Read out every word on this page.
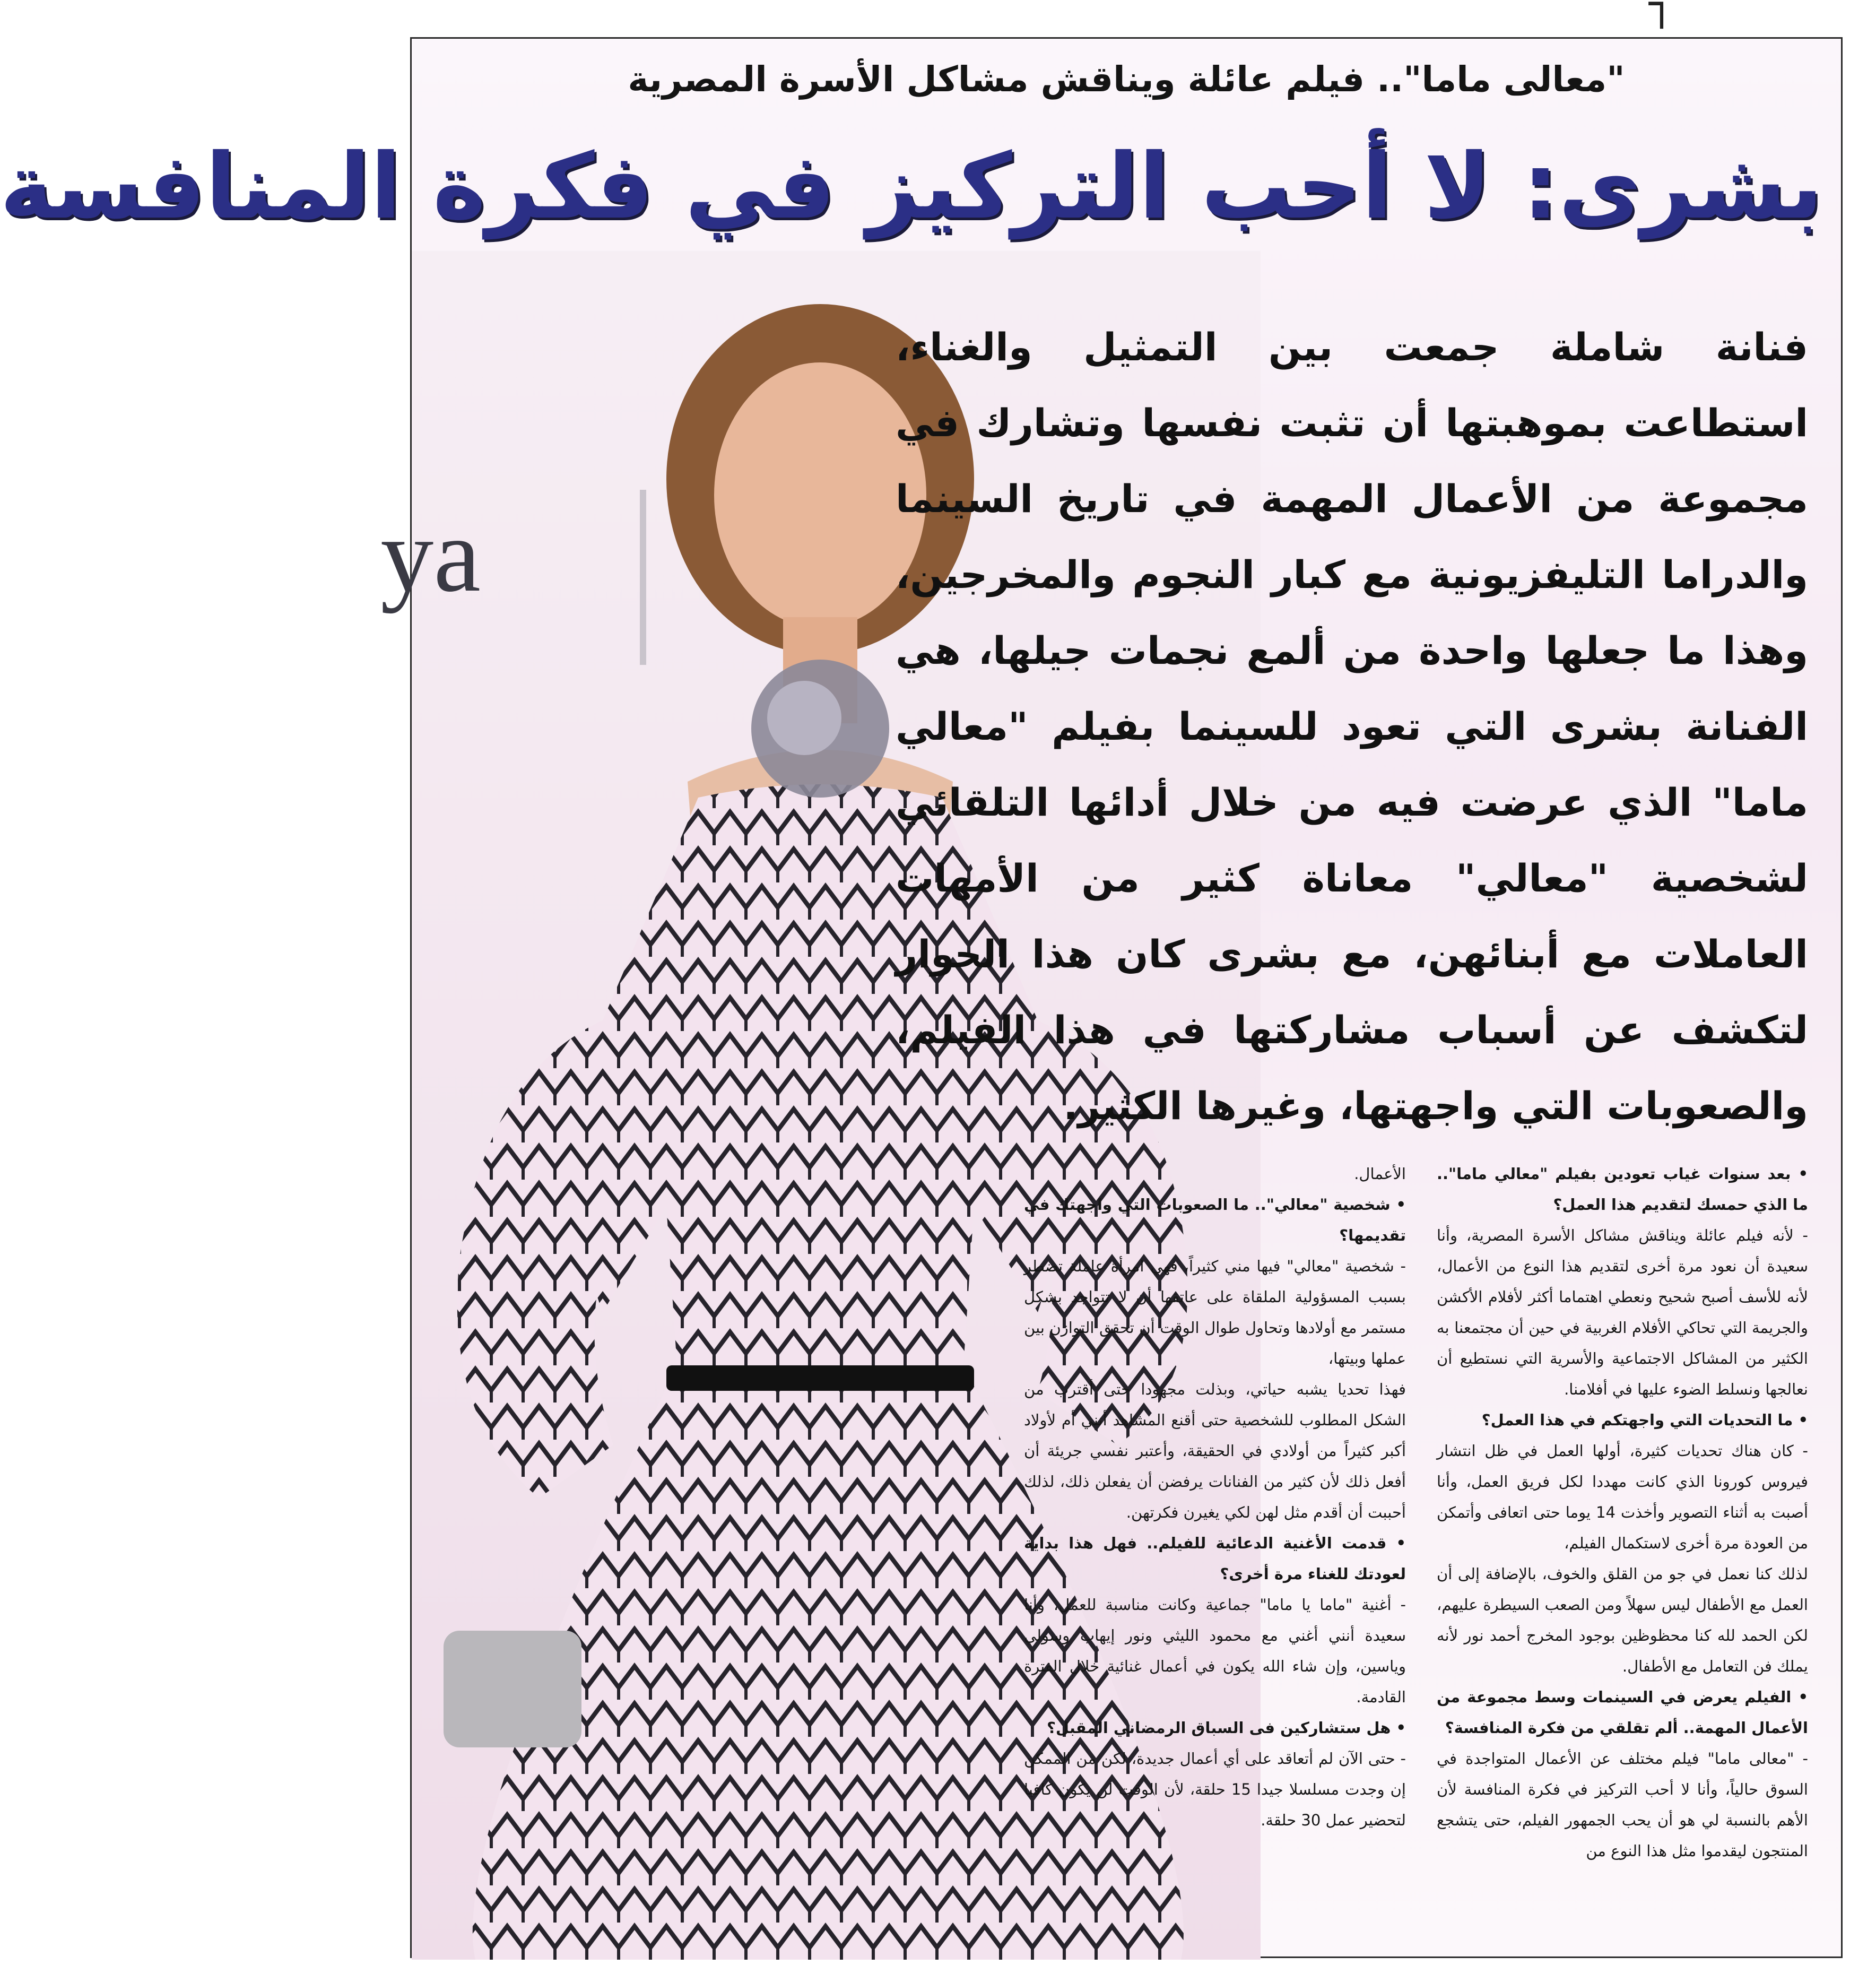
┐
"معالى ماما".. فيلم عائلة ويناقش مشاكل الأسرة المصرية
بشرى: لا أحب التركيز في فكرة المنافسة
ya
فنانة شاملة جمعت بين التمثيل والغناء، استطاعت بموهبتها أن تثبت نفسها وتشارك في مجموعة من الأعمال المهمة في تاريخ السينما والدراما التليفزيونية مع كبار النجوم والمخرجين، وهذا ما جعلها واحدة من ألمع نجمات جيلها، هي الفنانة بشرى التي تعود للسينما بفيلم "معالي ماما" الذي عرضت فيه من خلال أدائها التلقائي لشخصية "معالي" معاناة كثير من الأمهات العاملات مع أبنائهن، مع بشرى كان هذا الحوار لتكشف عن أسباب مشاركتها في هذا الفيلم، والصعوبات التي واجهتها، وغيرها الكثير.

• بعد سنوات غياب تعودين بفيلم "معالي ماما".. ما الذي حمسك لتقديم هذا العمل؟

- لأنه فيلم عائلة ويناقش مشاكل الأسرة المصرية، وأنا سعيدة أن نعود مرة أخرى لتقديم هذا النوع من الأعمال، لأنه للأسف أصبح شحيح ونعطي اهتماما أكثر لأفلام الأكشن والجريمة التي تحاكي الأفلام الغربية في حين أن مجتمعنا به الكثير من المشاكل الاجتماعية والأسرية التي نستطيع أن نعالجها ونسلط الضوء عليها في أفلامنا.

• ما التحديات التي واجهتكم في هذا العمل؟

- كان هناك تحديات كثيرة، أولها العمل في ظل انتشار فيروس كورونا الذي كانت مهددا لكل فريق العمل، وأنا أصبت به أثناء التصوير وأخذت 14 يوما حتى اتعافى وأتمكن من العودة مرة أخرى لاستكمال الفيلم،

لذلك كنا نعمل في جو من القلق والخوف، بالإضافة إلى أن العمل مع الأطفال ليس سهلاً ومن الصعب السيطرة عليهم، لكن الحمد لله كنا محظوظين بوجود المخرج أحمد نور لأنه يملك فن التعامل مع الأطفال.

• الفيلم يعرض في السينمات وسط مجموعة من الأعمال المهمة.. ألم تقلقي من فكرة المنافسة؟

- "معالى ماما" فيلم مختلف عن الأعمال المتواجدة في السوق حالياً، وأنا لا أحب التركيز في فكرة المنافسة لأن الأهم بالنسبة لي هو أن يحب الجمهور الفيلم، حتى يتشجع المنتجون ليقدموا مثل هذا النوع من

الأعمال.

• شخصية "معالي".. ما الصعوبات التي واجهتك في تقديمها؟

- شخصية "معالي" فيها مني كثيراً، فهي امرأة عاملة تضطر بسبب المسؤولية الملقاة على عاتقها أن لا تتواجد بشكل مستمر مع أولادها وتحاول طوال الوقت أن تحقق التوازن بين عملها وبيتها،

فهذا تحديا يشبه حياتي، وبذلت مجهودا حتى أقترب من الشكل المطلوب للشخصية حتى أقنع المشاهد أنني أم لأولاد أكبر كثيراً من أولادي في الحقيقة، وأعتبر نفسي جريئة أن أفعل ذلك لأن كثير من الفنانات يرفضن أن يفعلن ذلك، لذلك أحببت أن أقدم مثل لهن لكي يغيرن فكرتهن.

• قدمت الأغنية الدعائية للفيلم.. فهل هذا بداية لعودتك للغناء مرة أخرى؟

- أغنية "ماما يا ماما" جماعية وكانت مناسبة للعمل، وأنا سعيدة أنني أغني مع محمود الليثي ونور إيهاب وسولي وياسين، وإن شاء الله يكون في أعمال غنائية خلال الفترة القادمة.

• هل ستشاركين فى السباق الرمضاني المقبل؟

- حتى الآن لم أتعاقد على أي أعمال جديدة، لكن من الممكن إن وجدت مسلسلا جيدا 15 حلقة، لأن الوقت لن يكون كافيا لتحضير عمل 30 حلقة.
